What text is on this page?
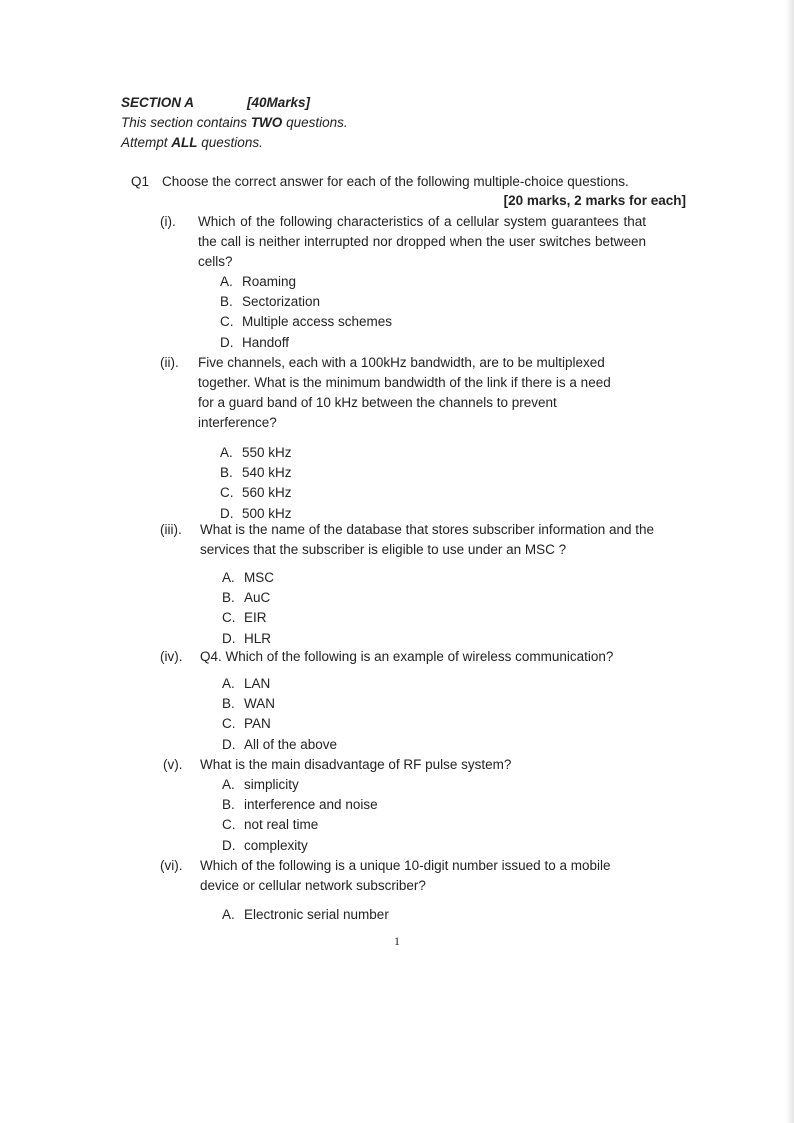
SECTION A	[40Marks]
This section contains TWO questions.
Attempt ALL questions.
Q1 Choose the correct answer for each of the following multiple-choice questions.
[20 marks, 2 marks for each]
(i). Which of the following characteristics of a cellular system guarantees that the call is neither interrupted nor dropped when the user switches between cells?
A. Roaming
B. Sectorization
C. Multiple access schemes
D. Handoff
(ii). Five channels, each with a 100kHz bandwidth, are to be multiplexed together. What is the minimum bandwidth of the link if there is a need for a guard band of 10 kHz between the channels to prevent interference?
A. 550 kHz
B. 540 kHz
C. 560 kHz
D. 500 kHz
(iii). What is the name of the database that stores subscriber information and the services that the subscriber is eligible to use under an MSC ?
A. MSC
B. AuC
C. EIR
D. HLR
(iv). Q4. Which of the following is an example of wireless communication?
A. LAN
B. WAN
C. PAN
D. All of the above
(v). What is the main disadvantage of RF pulse system?
A. simplicity
B. interference and noise
C. not real time
D. complexity
(vi). Which of the following is a unique 10-digit number issued to a mobile device or cellular network subscriber?
A. Electronic serial number
1
